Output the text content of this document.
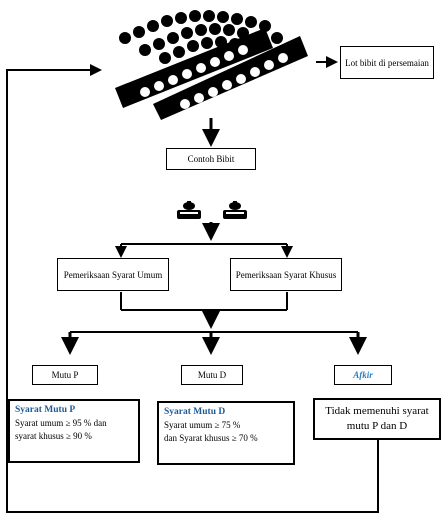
Lot bibit di persemaian
Contoh Bibit
Pemeriksaan Syarat Umum	Pemeriksaan Syarat Khusus
Mutu P	Mutu D	Afkir
Syarat Mutu P
Syarat umum ≥ 95 % dan
syarat khusus ≥ 90 %
Syarat Mutu D
Syarat umum ≥ 75 %
dan Syarat khusus ≥ 70 %
Tidak memenuhi syarat mutu P dan D
